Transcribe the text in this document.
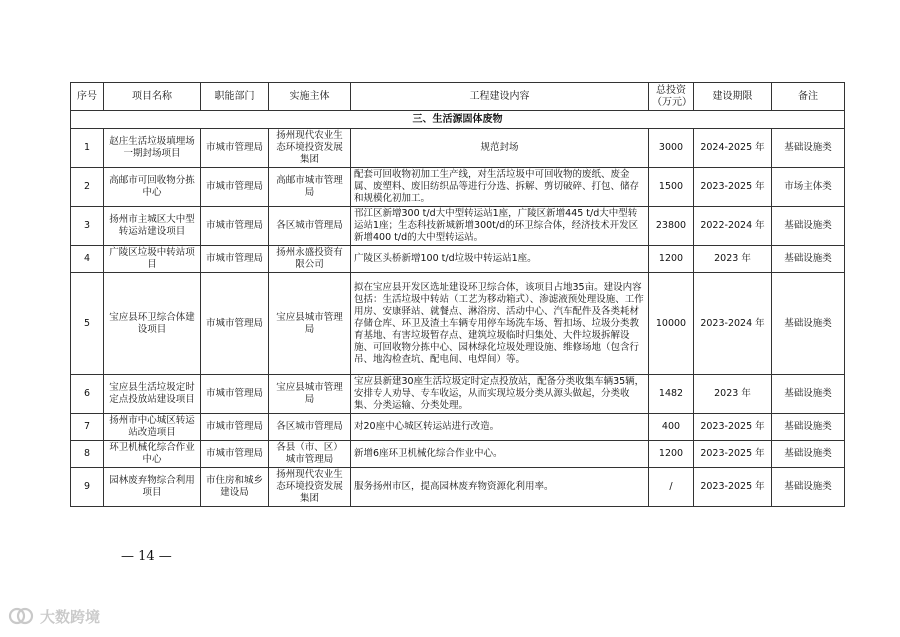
序号	项目名称	职能部门	实施主体	工程建设内容	总投资（万元）	建设期限	备注
三、生活源固体废物							
1	赵庄生活垃圾填埋场一期封场项目	市城市管理局	扬州现代农业生态环境投资发展集团	规范封场	3000	2024-2025 年	基础设施类
2	高邮市可回收物分拣中心	市城市管理局	高邮市城市管理局	配套可回收物初加工生产线，对生活垃圾中可回收物的废纸、废金属、废塑料、废旧纺织品等进行分选、拆解、剪切破碎、打包、储存和规模化初加工。	1500	2023-2025 年	市场主体类
3	扬州市主城区大中型转运站建设项目	市城市管理局	各区城市管理局	邗江区新增300 t/d大中型转运站1座，广陵区新增445 t/d大中型转运站1座；生态科技新城新增300t/d的环卫综合体，经济技术开发区新增400 t/d的大中型转运站。	23800	2022-2024 年	基础设施类
4	广陵区垃圾中转站项目	市城市管理局	扬州永盛投资有限公司	广陵区头桥新增100 t/d垃圾中转运站1座。	1200	2023 年	基础设施类
5	宝应县环卫综合体建设项目	市城市管理局	宝应县城市管理局	拟在宝应县开发区选址建设环卫综合体，该项目占地35亩。建设内容包括：生活垃圾中转站（工艺为移动箱式）、渗滤液预处理设施、工作用房、安康驿站、就餐点、淋浴房、活动中心、汽车配件及各类耗材存储仓库、环卫及渣土车辆专用停车场洗车场、暂扣场、垃圾分类教育基地、有害垃圾暂存点、建筑垃圾临时归集处、大件垃圾拆解设施、可回收物分拣中心、园林绿化垃圾处理设施、维修场地（包含行吊、地沟检查坑、配电间、电焊间）等。	10000	2023-2024 年	基础设施类
6	宝应县生活垃圾定时定点投放站建设项目	市城市管理局	宝应县城市管理局	宝应县新建30座生活垃圾定时定点投放站，配备分类收集车辆35辆，安排专人劝导、专车收运，从而实现垃圾分类从源头做起，分类收集、分类运输、分类处理。	1482	2023 年	基础设施类
7	扬州市中心城区转运站改造项目	市城市管理局	各区城市管理局	对20座中心城区转运站进行改造。	400	2023-2025 年	基础设施类
8	环卫机械化综合作业中心	市城市管理局	各县（市、区）城市管理局	新增6座环卫机械化综合作业中心。	1200	2023-2025 年	基础设施类
9	园林废弃物综合利用项目	市住房和城乡建设局	扬州现代农业生态环境投资发展集团	服务扬州市区，提高园林废弃物资源化利用率。	/	2023-2025 年	基础设施类
— 14 —
大数跨境
